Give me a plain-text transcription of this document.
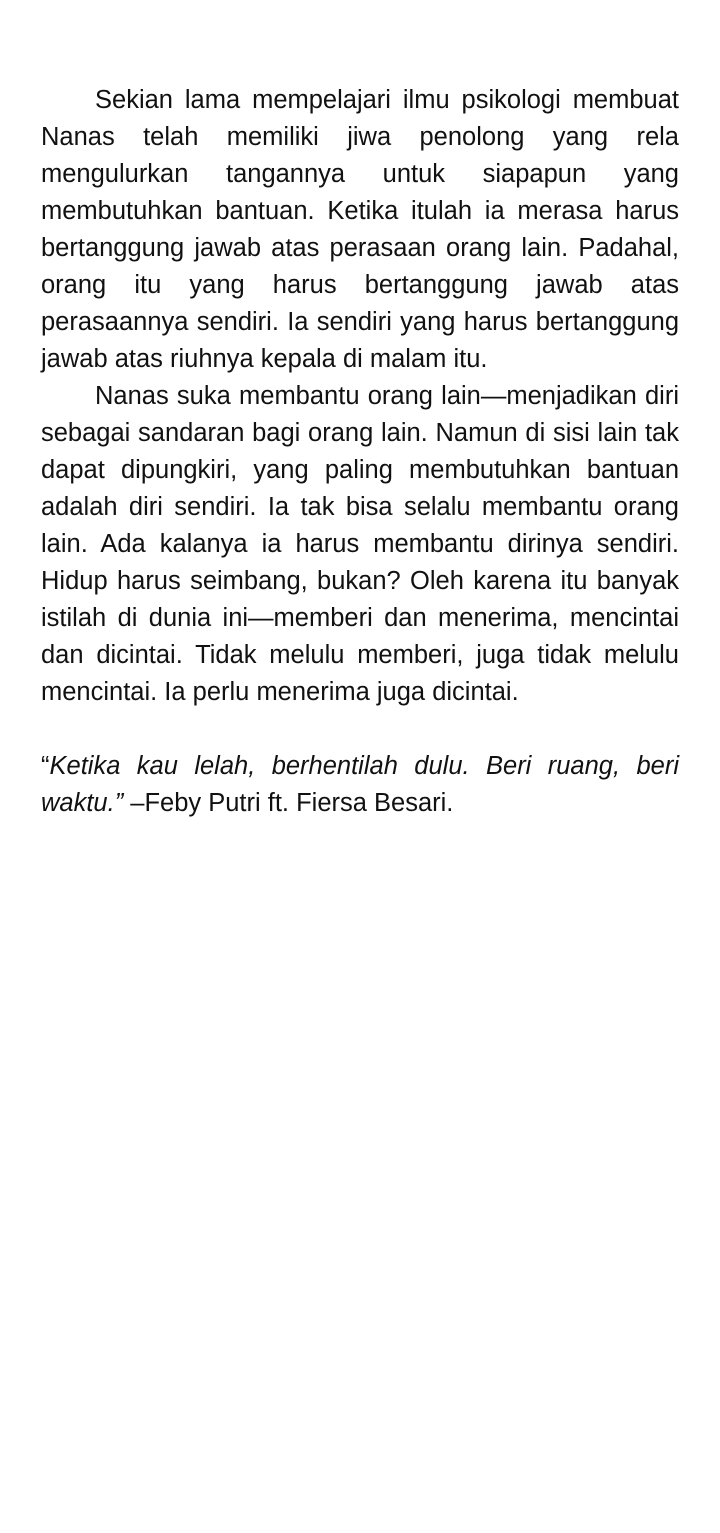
Sekian lama mempelajari ilmu psikologi membuat Nanas telah memiliki jiwa penolong yang rela mengulurkan tangannya untuk siapapun yang membutuhkan bantuan. Ketika itulah ia merasa harus bertanggung jawab atas perasaan orang lain. Padahal, orang itu yang harus bertanggung jawab atas perasaannya sendiri. Ia sendiri yang harus bertanggung jawab atas riuhnya kepala di malam itu.

Nanas suka membantu orang lain—menjadikan diri sebagai sandaran bagi orang lain. Namun di sisi lain tak dapat dipungkiri, yang paling membutuhkan bantuan adalah diri sendiri. Ia tak bisa selalu membantu orang lain. Ada kalanya ia harus membantu dirinya sendiri. Hidup harus seimbang, bukan? Oleh karena itu banyak istilah di dunia ini—memberi dan menerima, mencintai dan dicintai. Tidak melulu memberi, juga tidak melulu mencintai. Ia perlu menerima juga dicintai.

“Ketika kau lelah, berhentilah dulu. Beri ruang, beri waktu.” –Feby Putri ft. Fiersa Besari.
